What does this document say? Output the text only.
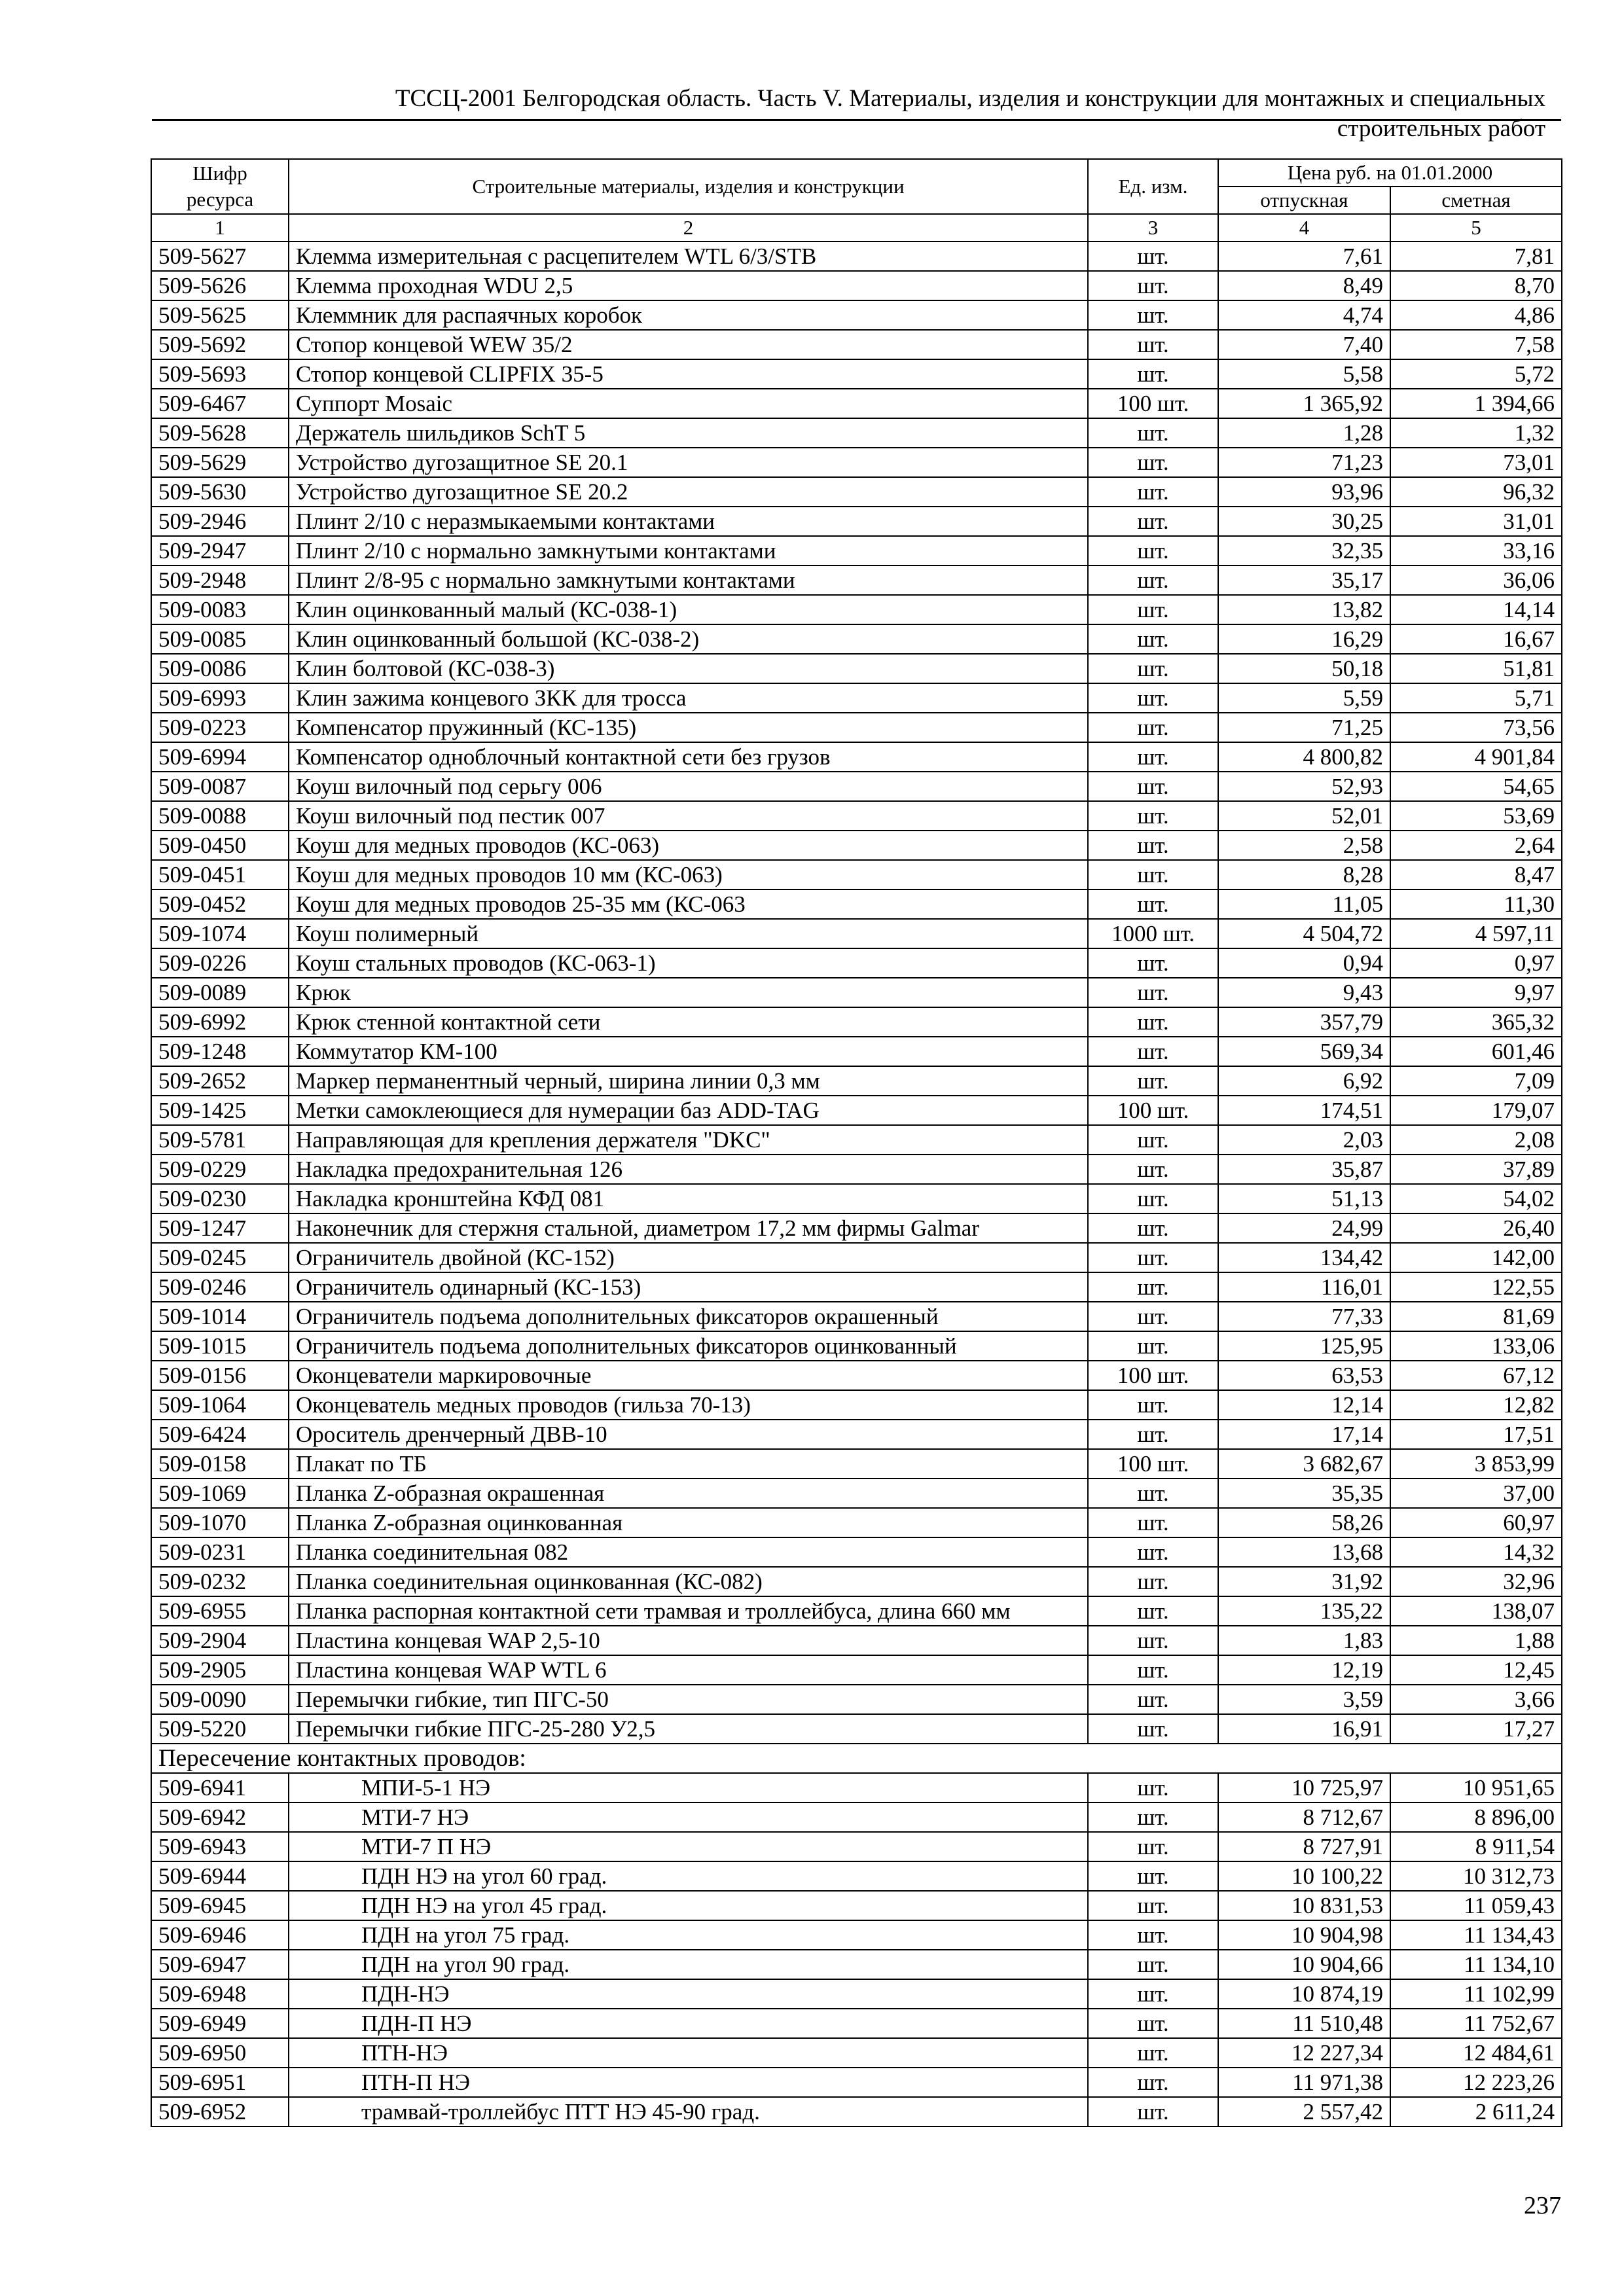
ТССЦ-2001 Белгородская область. Часть V. Материалы, изделия и конструкции для монтажных и специальных
строительных работ
Шифр ресурса	Строительные материалы, изделия и конструкции	Ед. изм.	Цена руб. на 01.01.2000	
			отпускная	сметная
1	2	3	4	5
509-5627	Клемма измерительная с расцепителем WTL 6/3/STB	шт.	7,61	7,81
509-5626	Клемма проходная WDU 2,5	шт.	8,49	8,70
509-5625	Клеммник для распаячных коробок	шт.	4,74	4,86
509-5692	Стопор концевой WEW 35/2	шт.	7,40	7,58
509-5693	Стопор концевой CLIPFIX 35-5	шт.	5,58	5,72
509-6467	Суппорт Mosaic	100 шт.	1 365,92	1 394,66
509-5628	Держатель шильдиков SchT 5	шт.	1,28	1,32
509-5629	Устройство дугозащитное SE 20.1	шт.	71,23	73,01
509-5630	Устройство дугозащитное SE 20.2	шт.	93,96	96,32
509-2946	Плинт 2/10 с неразмыкаемыми контактами	шт.	30,25	31,01
509-2947	Плинт 2/10 с нормально замкнутыми контактами	шт.	32,35	33,16
509-2948	Плинт 2/8-95 с нормально замкнутыми контактами	шт.	35,17	36,06
509-0083	Клин оцинкованный малый (КС-038-1)	шт.	13,82	14,14
509-0085	Клин оцинкованный большой (КС-038-2)	шт.	16,29	16,67
509-0086	Клин болтовой (КС-038-3)	шт.	50,18	51,81
509-6993	Клин зажима концевого ЗКК для тросса	шт.	5,59	5,71
509-0223	Компенсатор пружинный (КС-135)	шт.	71,25	73,56
509-6994	Компенсатор одноблочный контактной сети без грузов	шт.	4 800,82	4 901,84
509-0087	Коуш вилочный под серьгу 006	шт.	52,93	54,65
509-0088	Коуш вилочный под пестик 007	шт.	52,01	53,69
509-0450	Коуш для медных проводов (КС-063)	шт.	2,58	2,64
509-0451	Коуш для медных проводов 10 мм (КС-063)	шт.	8,28	8,47
509-0452	Коуш для медных проводов 25-35 мм (КС-063	шт.	11,05	11,30
509-1074	Коуш полимерный	1000 шт.	4 504,72	4 597,11
509-0226	Коуш стальных проводов (КС-063-1)	шт.	0,94	0,97
509-0089	Крюк	шт.	9,43	9,97
509-6992	Крюк стенной контактной сети	шт.	357,79	365,32
509-1248	Коммутатор КМ-100	шт.	569,34	601,46
509-2652	Маркер перманентный черный, ширина линии 0,3 мм	шт.	6,92	7,09
509-1425	Метки самоклеющиеся для нумерации баз ADD-TAG	100 шт.	174,51	179,07
509-5781	Направляющая для крепления держателя "DKC"	шт.	2,03	2,08
509-0229	Накладка предохранительная 126	шт.	35,87	37,89
509-0230	Накладка кронштейна КФД 081	шт.	51,13	54,02
509-1247	Наконечник для стержня стальной, диаметром 17,2 мм фирмы Galmar	шт.	24,99	26,40
509-0245	Ограничитель двойной (КС-152)	шт.	134,42	142,00
509-0246	Ограничитель одинарный (КС-153)	шт.	116,01	122,55
509-1014	Ограничитель подъема дополнительных фиксаторов окрашенный	шт.	77,33	81,69
509-1015	Ограничитель подъема дополнительных фиксаторов оцинкованный	шт.	125,95	133,06
509-0156	Оконцеватели маркировочные	100 шт.	63,53	67,12
509-1064	Оконцеватель медных проводов (гильза 70-13)	шт.	12,14	12,82
509-6424	Ороситель дренчерный ДВВ-10	шт.	17,14	17,51
509-0158	Плакат по ТБ	100 шт.	3 682,67	3 853,99
509-1069	Планка Z-образная окрашенная	шт.	35,35	37,00
509-1070	Планка Z-образная оцинкованная	шт.	58,26	60,97
509-0231	Планка соединительная 082	шт.	13,68	14,32
509-0232	Планка соединительная оцинкованная (КС-082)	шт.	31,92	32,96
509-6955	Планка распорная контактной сети трамвая и троллейбуса, длина 660 мм	шт.	135,22	138,07
509-2904	Пластина концевая WAP 2,5-10	шт.	1,83	1,88
509-2905	Пластина концевая WAP WTL 6	шт.	12,19	12,45
509-0090	Перемычки гибкие, тип ПГС-50	шт.	3,59	3,66
509-5220	Перемычки гибкие ПГС-25-280 У2,5	шт.	16,91	17,27
Пересечение контактных проводов:				
509-6941	МПИ-5-1 НЭ	шт.	10 725,97	10 951,65
509-6942	МТИ-7 НЭ	шт.	8 712,67	8 896,00
509-6943	МТИ-7 П НЭ	шт.	8 727,91	8 911,54
509-6944	ПДН НЭ на угол 60 град.	шт.	10 100,22	10 312,73
509-6945	ПДН НЭ на угол 45 град.	шт.	10 831,53	11 059,43
509-6946	ПДН на угол 75 град.	шт.	10 904,98	11 134,43
509-6947	ПДН на угол 90 град.	шт.	10 904,66	11 134,10
509-6948	ПДН-НЭ	шт.	10 874,19	11 102,99
509-6949	ПДН-П НЭ	шт.	11 510,48	11 752,67
509-6950	ПТН-НЭ	шт.	12 227,34	12 484,61
509-6951	ПТН-П НЭ	шт.	11 971,38	12 223,26
509-6952	трамвай-троллейбус ПТТ НЭ 45-90 град.	шт.	2 557,42	2 611,24
237
